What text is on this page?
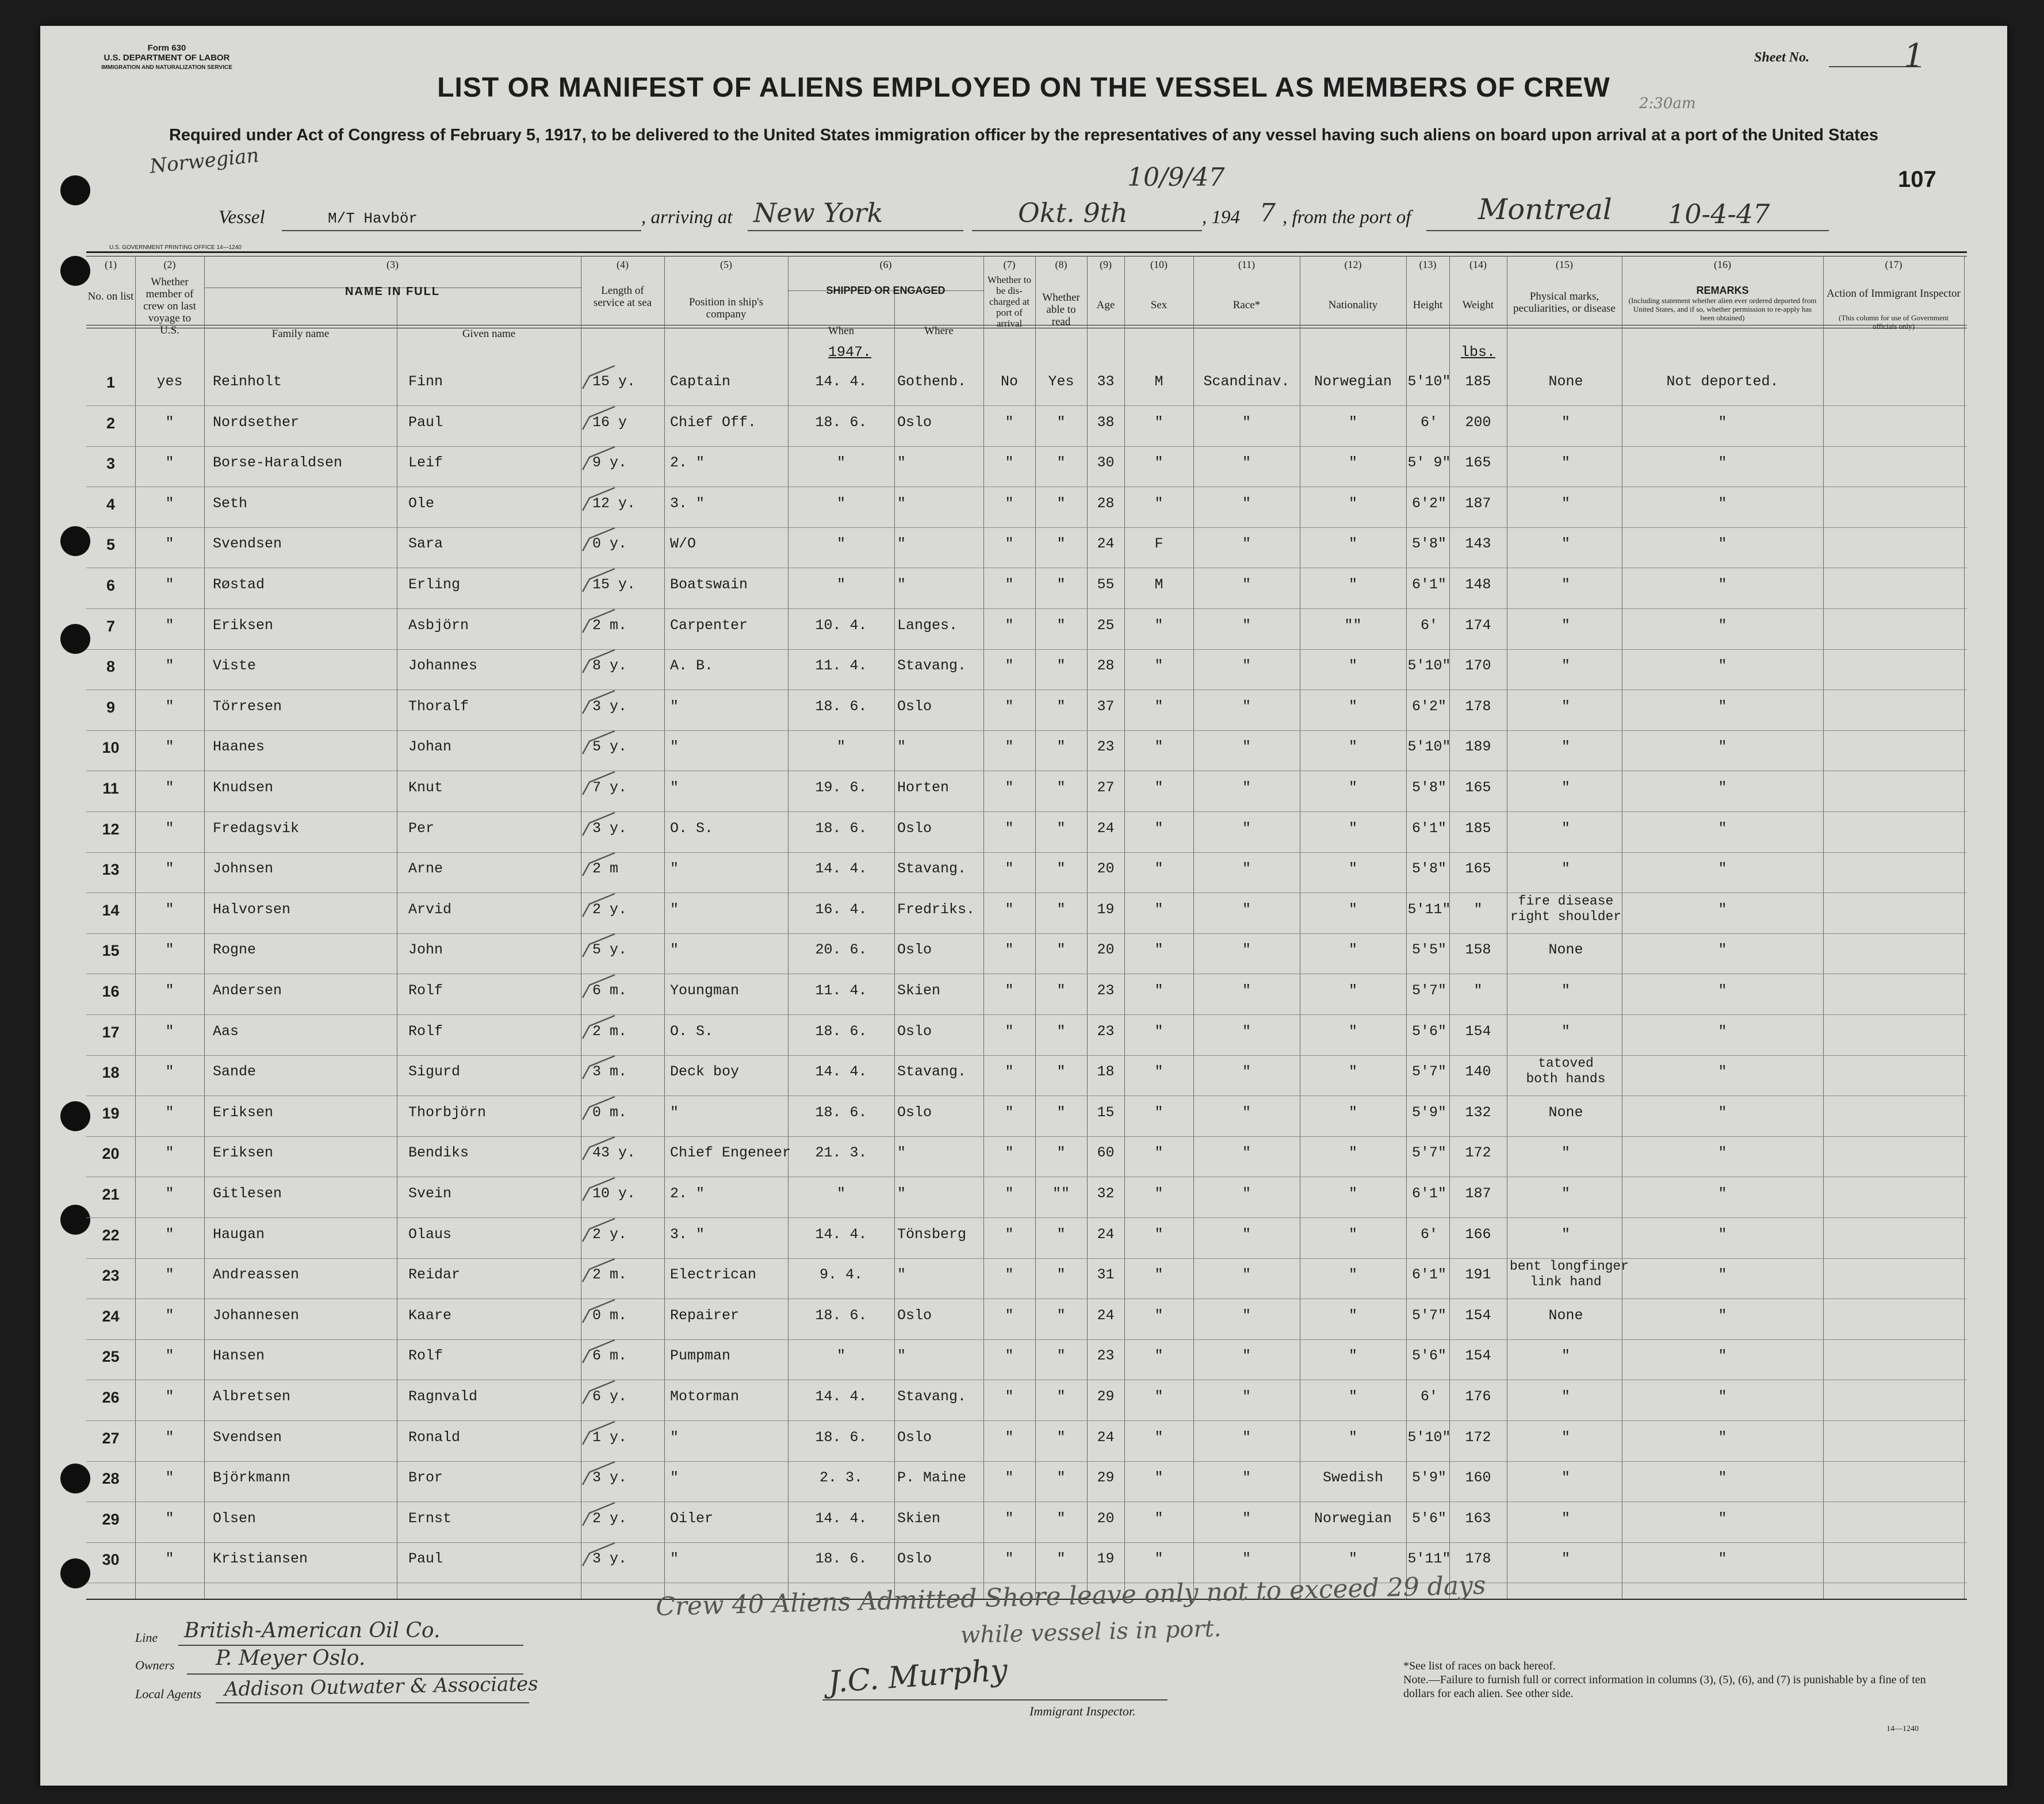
Form 630
U.S. DEPARTMENT OF LABOR
IMMIGRATION AND NATURALIZATION SERVICE
Sheet No.	1
LIST OR MANIFEST OF ALIENS EMPLOYED ON THE VESSEL AS MEMBERS OF CREW
2:30am
Required under Act of Congress of February 5, 1917, to be delivered to the United States immigration officer by the representatives of any vessel having such aliens on board upon arrival at a port of the United States
Norwegian	10/9/47	107
Vessel	M/T Havbör	, arriving at New York	Okt. 9th	, 194 7 , from the port of Montreal 10-4-47
U.S. GOVERNMENT PRINTING OFFICE 14—1240
(1)	(2)	(3)	(4)	(5)	(6)	(7)	(8)	(9)	(10)	(11)	(12)	(13)	(14)	(15)	(16)	(17)
No. on list
Whether member of crew on last voyage to U.S.
NAME IN FULL
Family name	Given name
Length of service at sea	Position in ship's company
SHIPPED OR ENGAGED
When	Where
Whether to be dis-charged at port of arrival
Whether able to read
Age	Sex	Race*	Nationality	Height	Weight
Physical marks, peculiarities, or disease
REMARKS
(Including statement whether alien ever ordered deported from United States, and if so, whether permission to re-apply has been obtained)
Action of Immigrant Inspector
(This column for use of Government officials only)
1947.	lbs.
1	yes	Reinholt	Finn	15 y.	Captain	14. 4.	Gothenb.	No	Yes	33	M	Scandinav.	Norwegian	5'10" 185	None	Not deported.
2	"	Nordsether	Paul	16 y	Chief Off.	18. 6.	Oslo	"	"	38	"	"	"	6'	200	"	"
3	"	Borse-Haraldsen	Leif	9 y.	2. "	"	"	"	"	30	"	"	"	5' 9" 165	"	"
4	"	Seth	Ole	12 y.	3. "	"	"	"	"	28	"	"	"	6'2"	187	"	"
5	"	Svendsen	Sara	0 y.	W/O	"	"	"	"	24	F	"	"	5'8"	143	"	"
6	"	Røstad	Erling	15 y.	Boatswain	"	"	"	"	55	M	"	"	6'1"	148	"	"
7	"	Eriksen	Asbjörn	2 m.	Carpenter	10. 4.	Langes.	"	"	25	"	"	""	6'	174	"	"
8	"	Viste	Johannes	8 y.	A. B.	11. 4.	Stavang.	"	"	28	"	"	"	5'10" 170	"	"
9	"	Törresen	Thoralf	3 y.	"	18. 6.	Oslo	"	"	37	"	"	"	6'2"	178	"	"
10	"	Haanes	Johan	5 y.	"	"	"	"	"	23	"	"	"	5'10" 189	"	"
11	"	Knudsen	Knut	7 y.	"	19. 6.	Horten	"	"	27	"	"	"	5'8"	165	"	"
12	"	Fredagsvik	Per	3 y.	O. S.	18. 6.	Oslo	"	"	24	"	"	"	6'1"	185	"	"
13	"	Johnsen	Arne	2 m	"	14. 4.	Stavang.	"	"	20	"	"	"	5'8"	165	"	"
14	"	Halvorsen	Arvid	2 y.	"	16. 4.	Fredriks.	"	"	19	"	"	"	5'11"	"	fire disease
right shoulder	"
15	"	Rogne	John	5 y.	"	20. 6.	Oslo	"	"	20	"	"	"	5'5"	158	None	"
16	"	Andersen	Rolf	6 m.	Youngman	11. 4.	Skien	"	"	23	"	"	"	5'7"	"	"	"
17	"	Aas	Rolf	2 m.	O. S.	18. 6.	Oslo	"	"	23	"	"	"	5'6"	154	"	"
18	"	Sande	Sigurd	3 m.	Deck boy	14. 4.	Stavang.	"	"	18	"	"	"	5'7"	140	tatoved
both hands	"
19	"	Eriksen	Thorbjörn	0 m.	"	18. 6.	Oslo	"	"	15	"	"	"	5'9"	132	None	"
20	"	Eriksen	Bendiks	43 y.	Chief Engeneer	21. 3.	"	"	"	60	"	"	"	5'7"	172	"	"
21	"	Gitlesen	Svein	10 y.	2. "	"	"	"	""	32	"	"	"	6'1"	187	"	"
22	"	Haugan	Olaus	2 y.	3. "	14. 4.	Tönsberg	"	"	24	"	"	"	6'	166	"	"
23	"	Andreassen	Reidar	2 m.	Electrican	9. 4.	"	"	"	31	"	"	"	6'1"	191	bent longfinger
link hand	"
24	"	Johannesen	Kaare	0 m.	Repairer	18. 6.	Oslo	"	"	24	"	"	"	5'7"	154	None	"
25	"	Hansen	Rolf	6 m.	Pumpman	"	"	"	"	23	"	"	"	5'6"	154	"	"
26	"	Albretsen	Ragnvald	6 y.	Motorman	14. 4.	Stavang.	"	"	29	"	"	"	6'	176	"	"
27	"	Svendsen	Ronald	1 y.	"	18. 6.	Oslo	"	"	24	"	"	"	5'10" 172	"	"
28	"	Björkmann	Bror	3 y.	"	2. 3.	P. Maine	"	"	29	"	"	Swedish	5'9"	160	"	"
29	"	Olsen	Ernst	2 y.	Oiler	14. 4.	Skien	"	"	20	"	"	Norwegian	5'6"	163	"	"
30	"	Kristiansen	Paul	3 y.	"	18. 6.	Oslo	"	"	19	"	"	"	5'11" 178	"	"
Crew 40 Aliens Admitted Shore leave only not to exceed 29 days
while vessel is in port.
Line British-American Oil Co.
Owners P. Meyer Oslo.
Local Agents Addison Outwater & Associates	J.C. Murphy
Immigrant Inspector.
*See list of races on back hereof.
Note.—Failure to furnish full or correct information in columns (3), (5), (6), and (7) is punishable by a fine of ten dollars for each alien. See other side.
14—1240
